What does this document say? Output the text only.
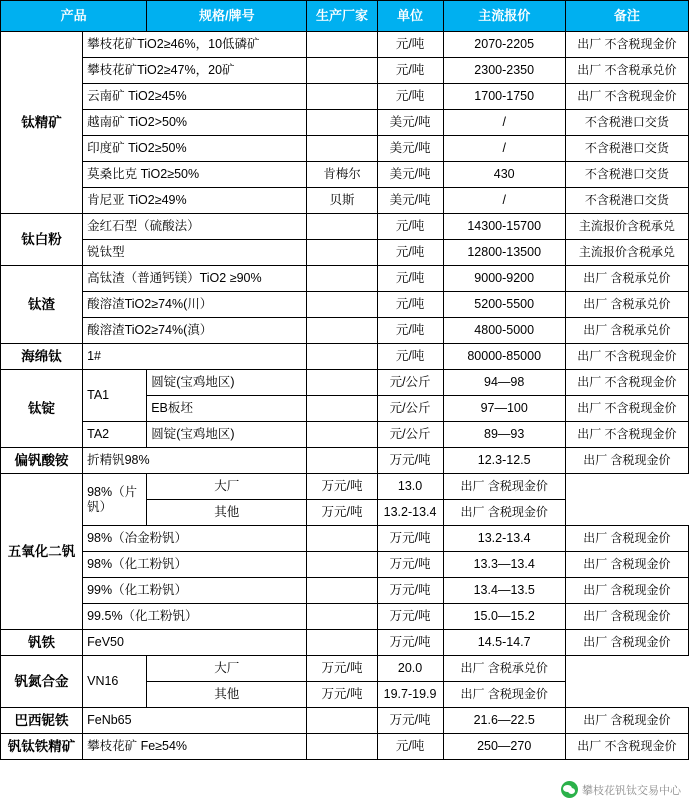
产品		规格/牌号	生产厂家	单位	主流报价	备注
钛精矿	攀枝花矿TiO2≥46%，10低磷矿			元/吨	2070-2205	出厂 不含税现金价
	攀枝花矿TiO2≥47%，20矿			元/吨	2300-2350	出厂 不含税承兑价
	云南矿 TiO2≥45%			元/吨	1700-1750	出厂 不含税现金价
	越南矿 TiO2>50%			美元/吨	/	不含税港口交货
	印度矿 TiO2≥50%			美元/吨	/	不含税港口交货
	莫桑比克 TiO2≥50%		肯梅尔	美元/吨	430	不含税港口交货
	肯尼亚 TiO2≥49%		贝斯	美元/吨	/	不含税港口交货
钛白粉	金红石型（硫酸法）			元/吨	14300-15700	主流报价含税承兑
	锐钛型			元/吨	12800-13500	主流报价含税承兑
钛渣	高钛渣（普通钙镁）TiO2 ≥90%			元/吨	9000-9200	出厂 含税承兑价
	酸溶渣TiO2≥74%(川）			元/吨	5200-5500	出厂 含税承兑价
	酸溶渣TiO2≥74%(滇）			元/吨	4800-5000	出厂 含税承兑价
海绵钛	1#			元/吨	80000-85000	出厂 不含税现金价
钛锭	TA1	圆锭(宝鸡地区)		元/公斤	94—98	出厂 不含税现金价
		EB板坯		元/公斤	97—100	出厂 不含税现金价
	TA2	圆锭(宝鸡地区)		元/公斤	89—93	出厂 不含税现金价
偏钒酸铵	折精钒98%			万元/吨	12.3-12.5	出厂 含税现金价
五氧化二钒	98%（片钒）	大厂	万元/吨	13.0	出厂 含税现金价	
		其他	万元/吨	13.2-13.4	出厂 含税现金价	
	98%（冶金粉钒）			万元/吨	13.2-13.4	出厂 含税现金价
	98%（化工粉钒）			万元/吨	13.3—13.4	出厂 含税现金价
	99%（化工粉钒）			万元/吨	13.4—13.5	出厂 含税现金价
	99.5%（化工粉钒）			万元/吨	15.0—15.2	出厂 含税现金价
钒铁	FeV50			万元/吨	14.5-14.7	出厂 含税现金价
钒氮合金	VN16	大厂	万元/吨	20.0	出厂 含税承兑价	
		其他	万元/吨	19.7-19.9	出厂 含税现金价	
巴西铌铁	FeNb65			万元/吨	21.6—22.5	出厂 含税现金价
钒钛铁精矿	攀枝花矿 Fe≥54%			元/吨	250—270	出厂 不含税现金价
攀枝花钒钛交易中心
